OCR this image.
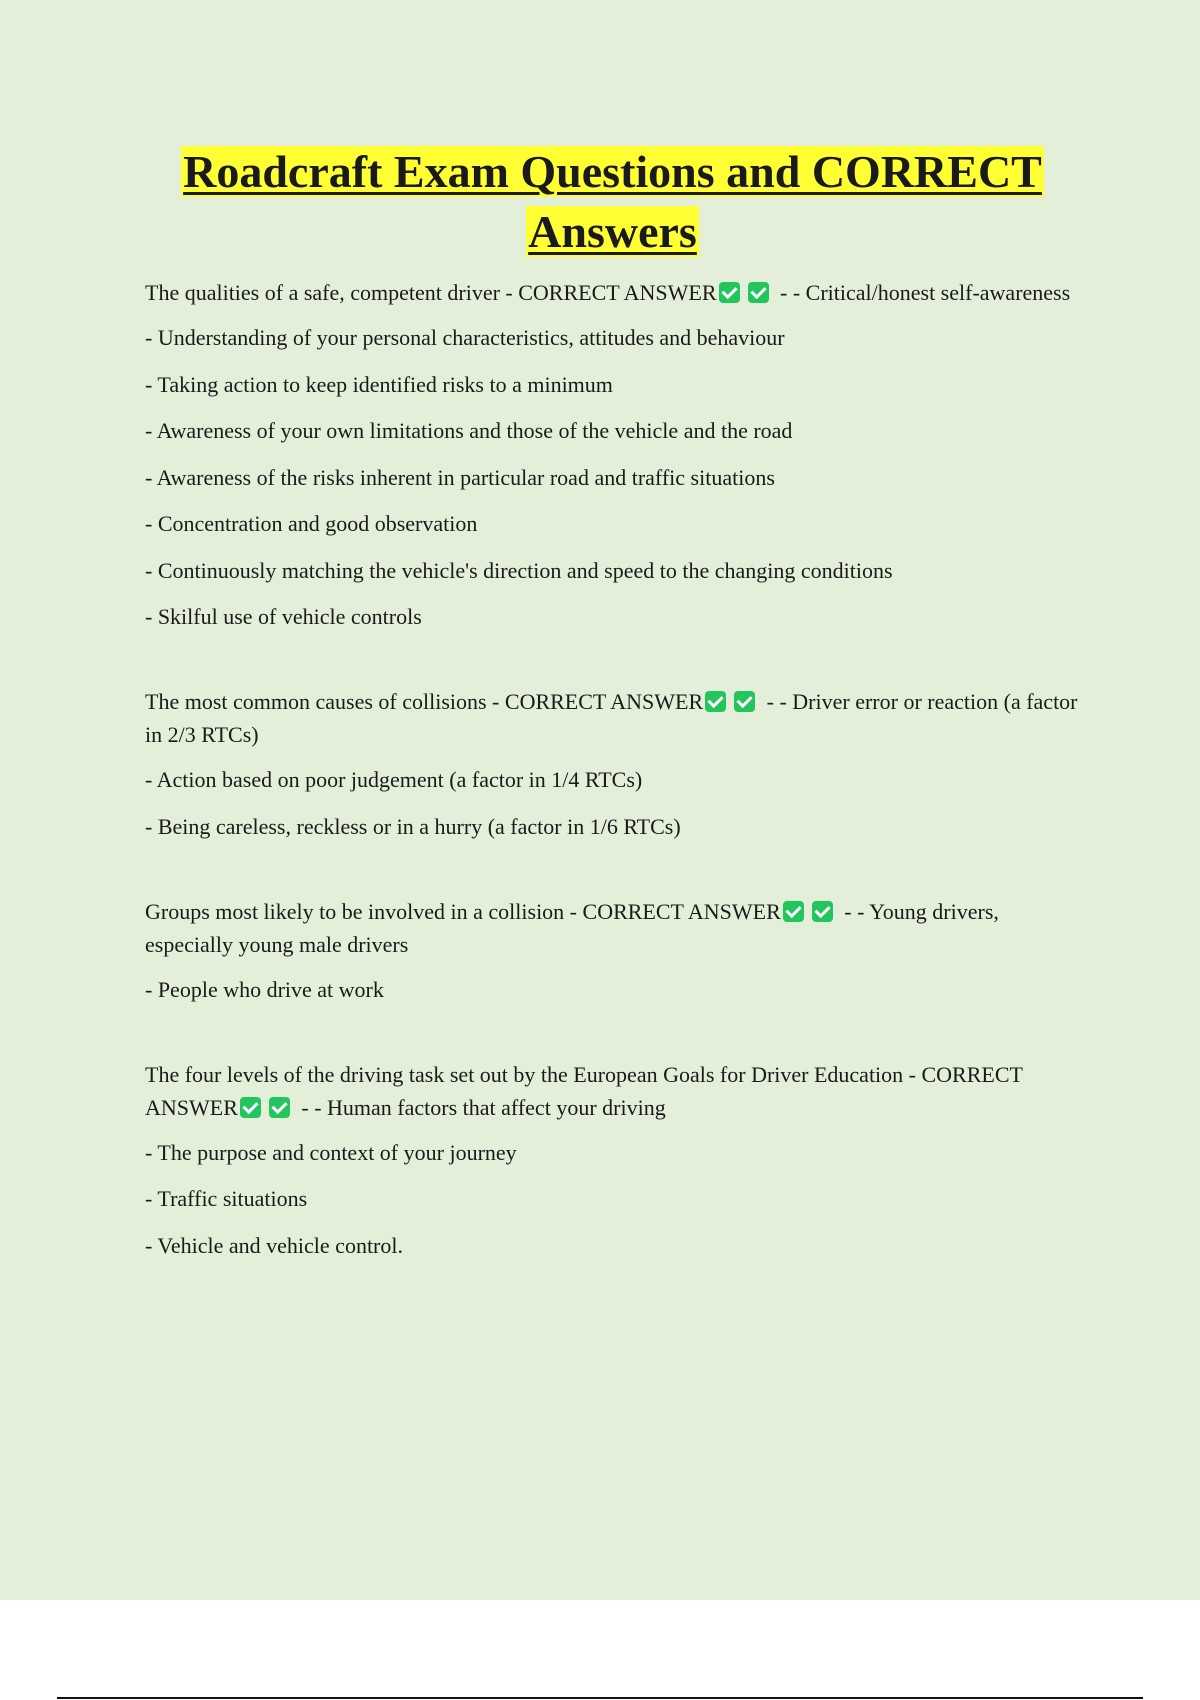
Roadcraft Exam Questions and CORRECT Answers
The qualities of a safe, competent driver - CORRECT ANSWER	- - Critical/honest self-awareness
- Understanding of your personal characteristics, attitudes and behaviour
- Taking action to keep identified risks to a minimum
- Awareness of your own limitations and those of the vehicle and the road
- Awareness of the risks inherent in particular road and traffic situations
- Concentration and good observation
- Continuously matching the vehicle's direction and speed to the changing conditions
- Skilful use of vehicle controls
The most common causes of collisions - CORRECT ANSWER	- - Driver error or reaction (a factor in 2/3 RTCs)
- Action based on poor judgement (a factor in 1/4 RTCs)
- Being careless, reckless or in a hurry (a factor in 1/6 RTCs)
Groups most likely to be involved in a collision - CORRECT ANSWER	- - Young drivers, especially young male drivers
- People who drive at work
The four levels of the driving task set out by the European Goals for Driver Education - CORRECT ANSWER	- - Human factors that affect your driving
- The purpose and context of your journey
- Traffic situations
- Vehicle and vehicle control.
